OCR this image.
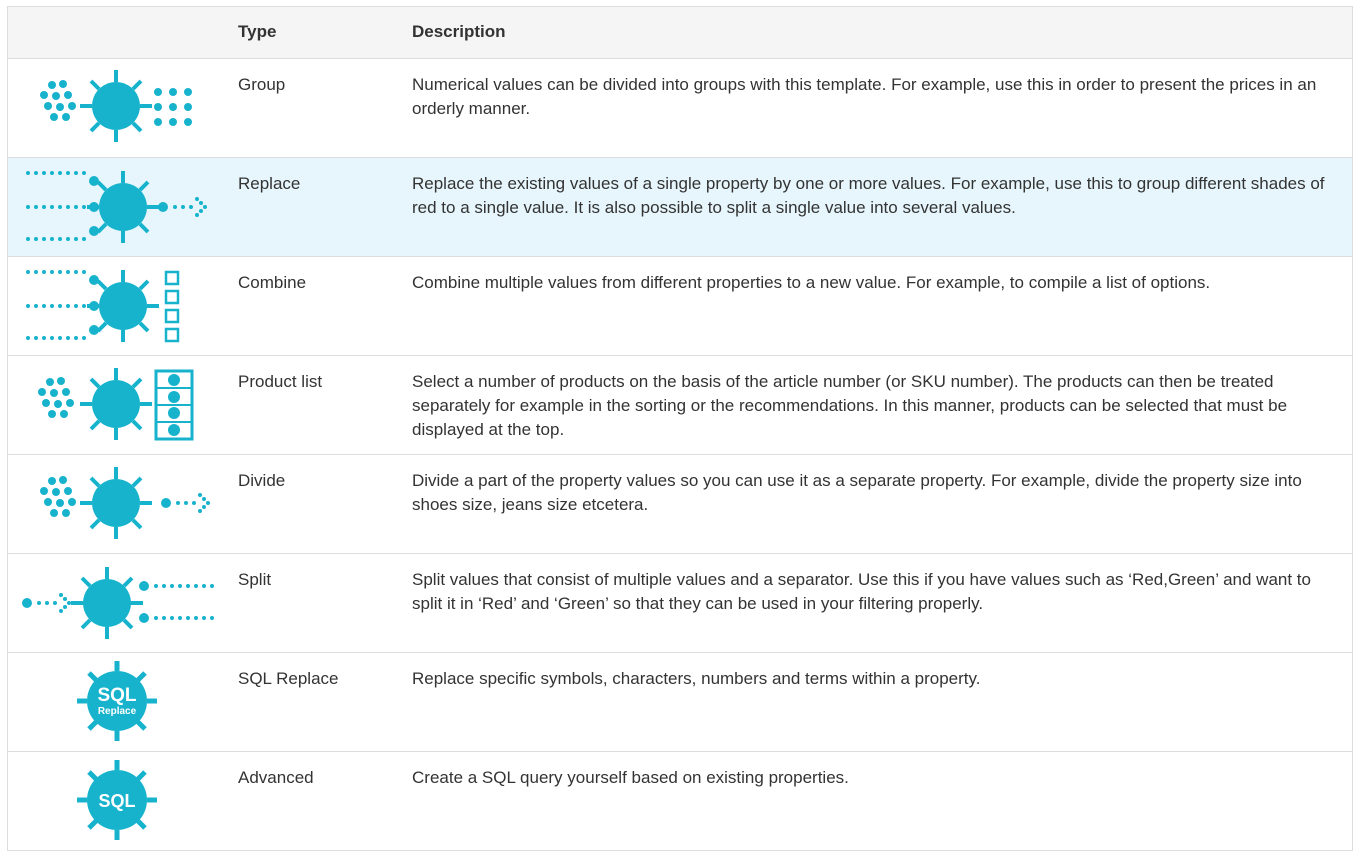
Type	Description
Group	Numerical values can be divided into groups with this template. For example, use this in order to present the prices in an orderly manner.
Replace	Replace the existing values of a single property by one or more values. For example, use this to group different shades of red to a single value. It is also possible to split a single value into several values.
Combine	Combine multiple values from different properties to a new value. For example, to compile a list of options.
Product list	Select a number of products on the basis of the article number (or SKU number). The products can then be treated separately for example in the sorting or the recommendations. In this manner, products can be selected that must be displayed at the top.
Divide	Divide a part of the property values so you can use it as a separate property. For example, divide the property size into shoes size, jeans size etcetera.
Split	Split values that consist of multiple values and a separator. Use this if you have values such as ‘Red,Green’ and want to split it in ‘Red’ and ‘Green’ so that they can be used in your filtering properly.
SQL
Replace
SQL Replace	Replace specific symbols, characters, numbers and terms within a property.
SQL
Advanced	Create a SQL query yourself based on existing properties.
